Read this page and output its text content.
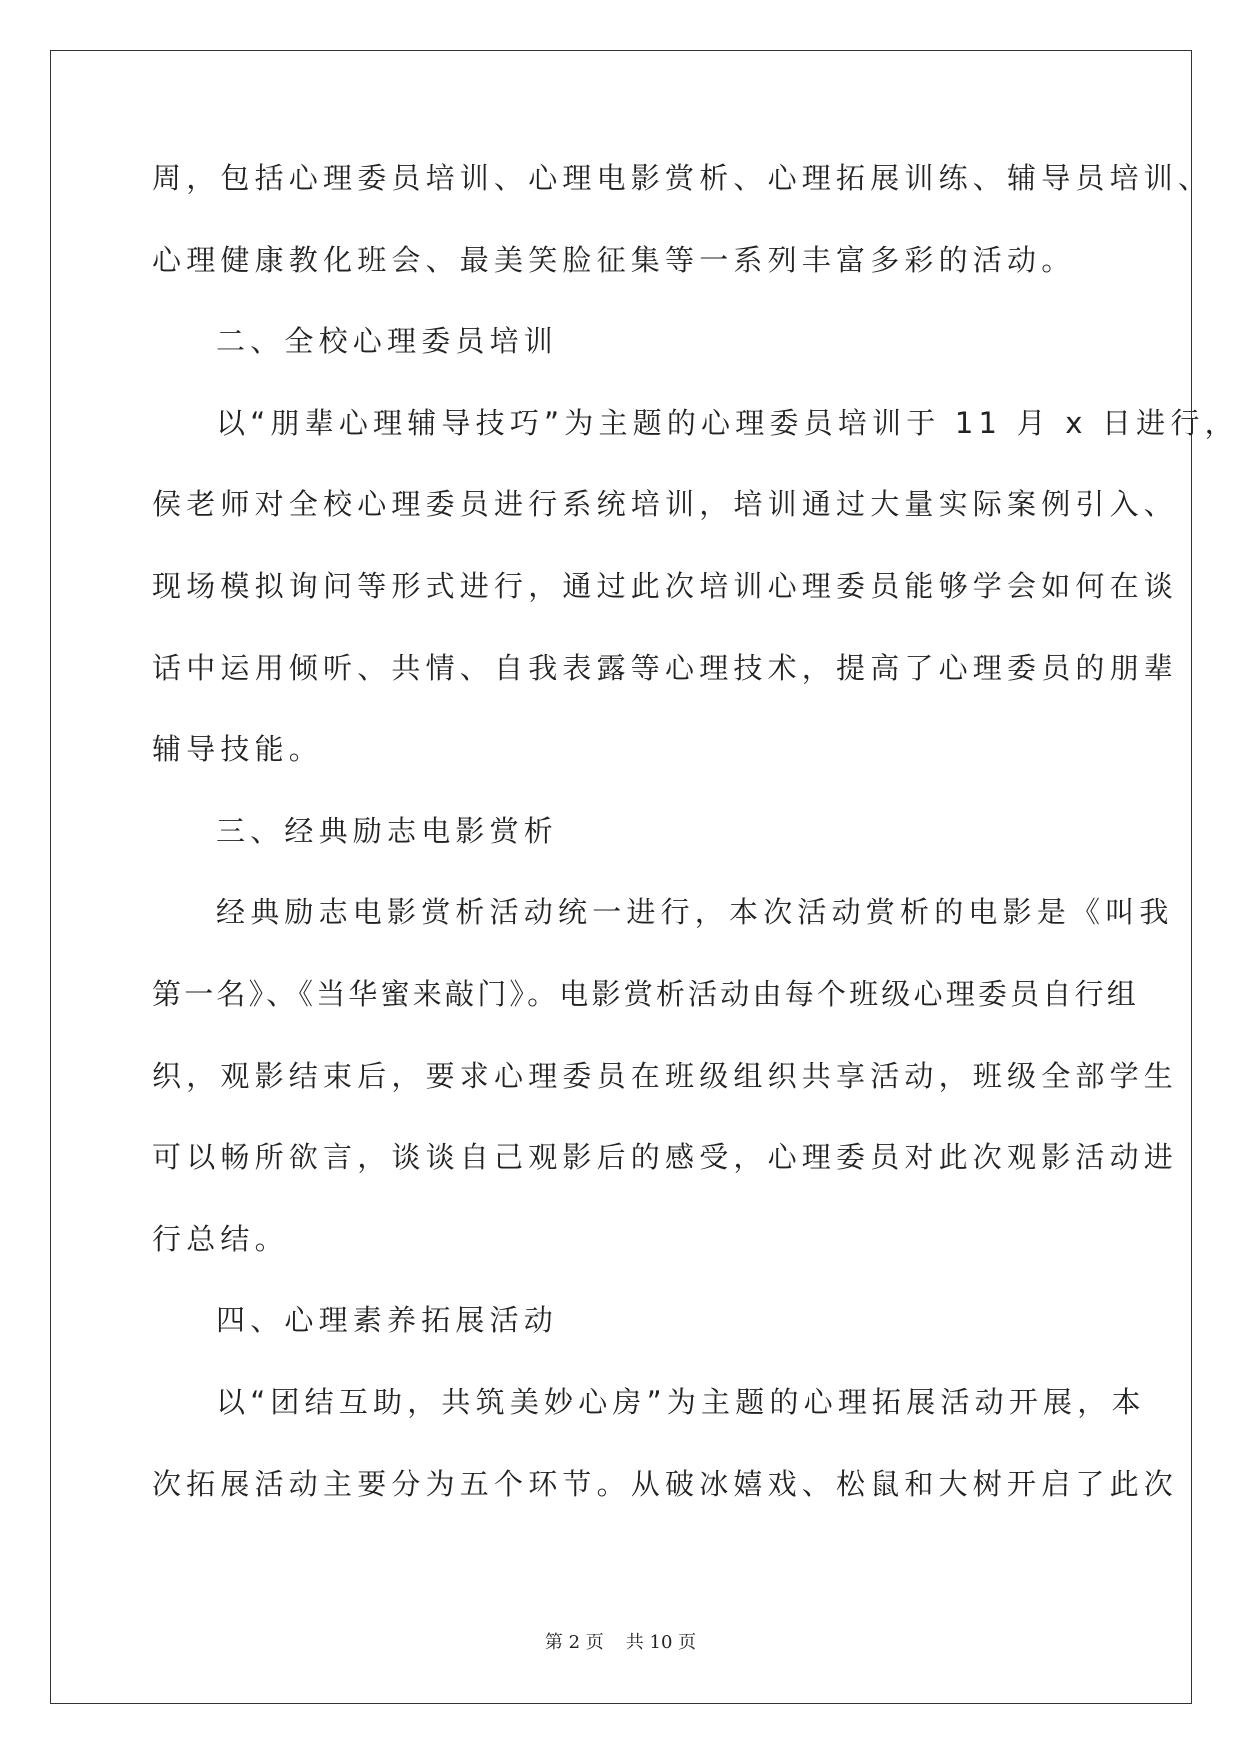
周，包括心理委员培训、心理电影赏析、心理拓展训练、辅导员培训、
心理健康教化班会、最美笑脸征集等一系列丰富多彩的活动。
二、全校心理委员培训
以“朋辈心理辅导技巧”为主题的心理委员培训于 11 月 x 日进行，
侯老师对全校心理委员进行系统培训，培训通过大量实际案例引入、
现场模拟询问等形式进行，通过此次培训心理委员能够学会如何在谈
话中运用倾听、共情、自我表露等心理技术，提高了心理委员的朋辈
辅导技能。
三、经典励志电影赏析
经典励志电影赏析活动统一进行，本次活动赏析的电影是《叫我
第一名》、《当华蜜来敲门》。电影赏析活动由每个班级心理委员自行组
织，观影结束后，要求心理委员在班级组织共享活动，班级全部学生
可以畅所欲言，谈谈自己观影后的感受，心理委员对此次观影活动进
行总结。
四、心理素养拓展活动
以“团结互助，共筑美妙心房”为主题的心理拓展活动开展，本
次拓展活动主要分为五个环节。从破冰嬉戏、松鼠和大树开启了此次
第 2 页 共 10 页
